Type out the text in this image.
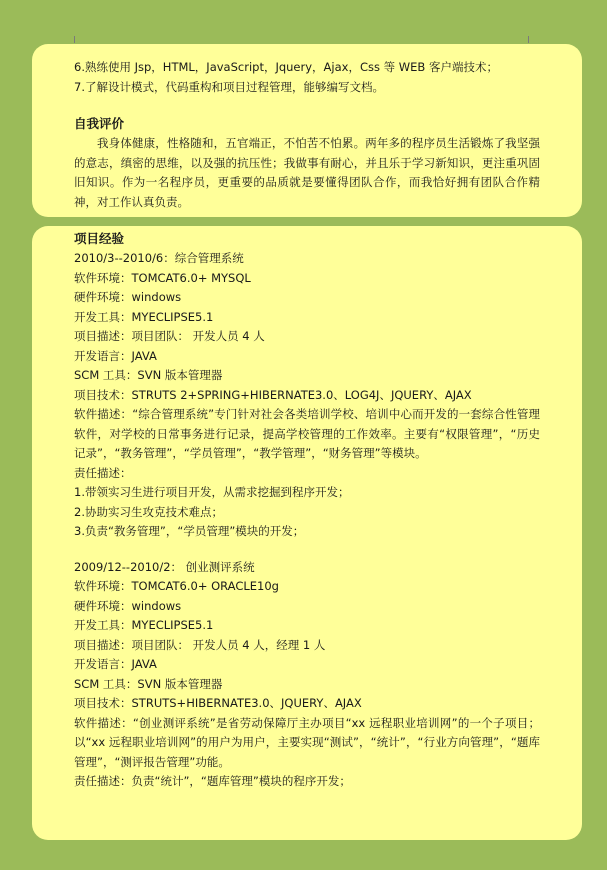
6.熟练使用 Jsp，HTML，JavaScript，Jquery，Ajax，Css 等 WEB 客户端技术；
7.了解设计模式，代码重构和项目过程管理，能够编写文档。
自我评价
我身体健康，性格随和，五官端正，不怕苦不怕累。两年多的程序员生活锻炼了我坚强的意志，缜密的思维，以及强的抗压性；我做事有耐心，并且乐于学习新知识，更注重巩固旧知识。作为一名程序员，更重要的品质就是要懂得团队合作，而我恰好拥有团队合作精神，对工作认真负责。
项目经验
2010/3--2010/6：综合管理系统
软件环境：TOMCAT6.0+ MYSQL
硬件环境：windows
开发工具：MYECLIPSE5.1
项目描述：项目团队： 开发人员 4 人
开发语言：JAVA
SCM 工具：SVN 版本管理器
项目技术：STRUTS 2+SPRING+HIBERNATE3.0、LOG4J、JQUERY、AJAX
软件描述：“综合管理系统”专门针对社会各类培训学校、培训中心而开发的一套综合性管理软件，对学校的日常事务进行记录，提高学校管理的工作效率。主要有“权限管理”，“历史记录”，“教务管理”，“学员管理”，“教学管理”，“财务管理”等模块。
责任描述：
1.带领实习生进行项目开发，从需求挖掘到程序开发；
2.协助实习生攻克技术难点；
3.负责“教务管理”，“学员管理”模块的开发；
2009/12--2010/2： 创业测评系统
软件环境：TOMCAT6.0+ ORACLE10g
硬件环境：windows
开发工具：MYECLIPSE5.1
项目描述：项目团队： 开发人员 4 人，经理 1 人
开发语言：JAVA
SCM 工具：SVN 版本管理器
项目技术：STRUTS+HIBERNATE3.0、JQUERY、AJAX
软件描述：“创业测评系统”是省劳动保障厅主办项目“xx 远程职业培训网”的一个子项目；以“xx 远程职业培训网”的用户为用户，主要实现“测试”，“统计”，“行业方向管理”，“题库管理”，“测评报告管理”功能。
责任描述：负责“统计”，“题库管理”模块的程序开发；
